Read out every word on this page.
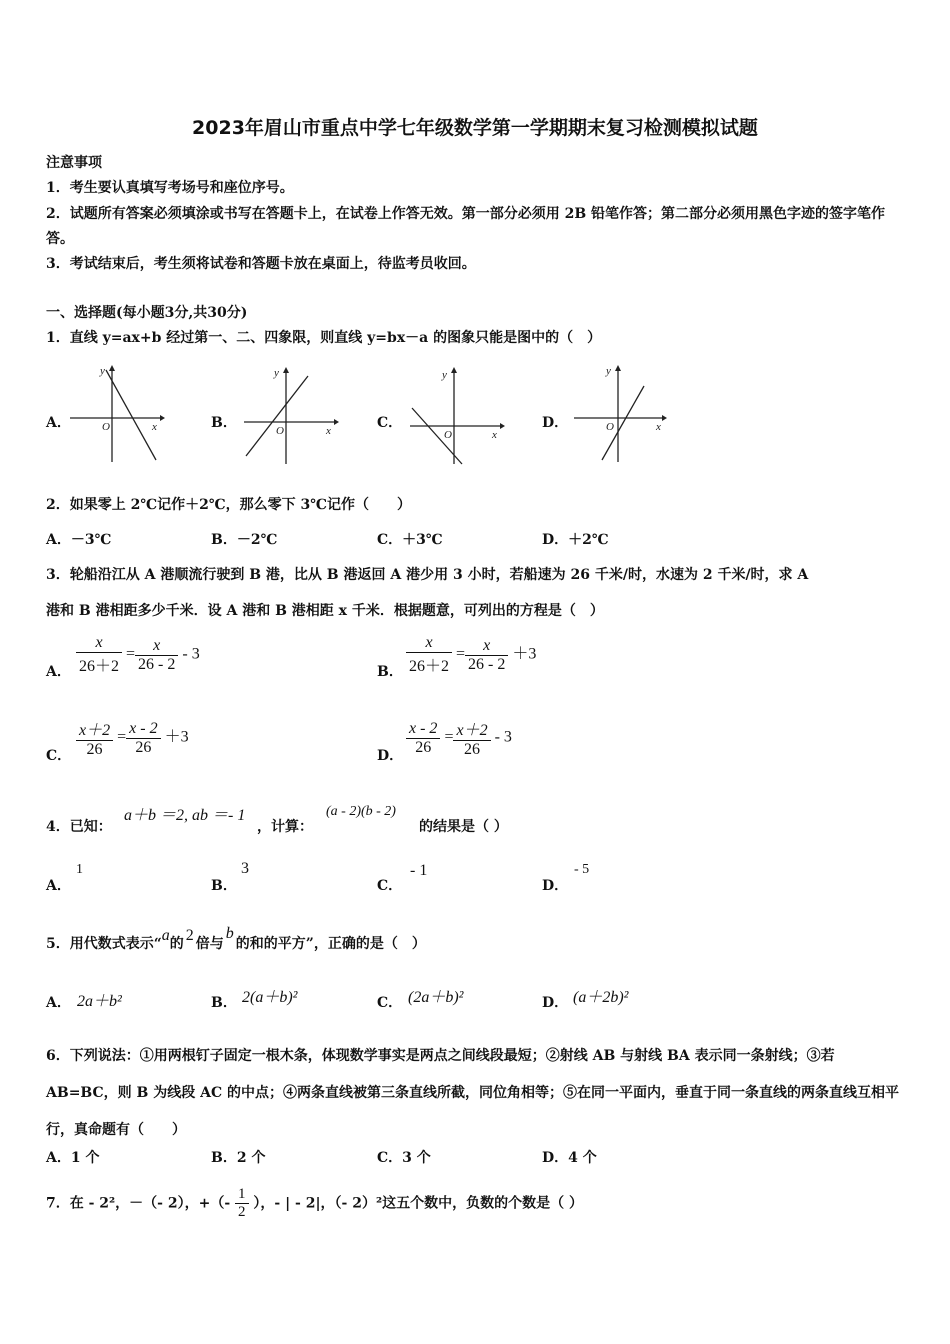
2023年眉山市重点中学七年级数学第一学期期末复习检测模拟试题
注意事项
1．考生要认真填写考场号和座位序号。
2．试题所有答案必须填涂或书写在答题卡上，在试卷上作答无效。第一部分必须用 2B 铅笔作答；第二部分必须用黑色字迹的签字笔作答。
3．考试结束后，考生须将试卷和答题卡放在桌面上，待监考员收回。
一、选择题(每小题3分,共30分)
1．直线 y=ax+b 经过第一、二、四象限，则直线 y=bx－a 的图象只能是图中的（　）
A．
y
x
O	B．
y
x
O	C．
y
x
O
D．
y
x
O
2．如果零上 2℃记作＋2℃，那么零下 3℃记作（　　）
A．－3℃	B．－2℃	C．＋3℃	D．＋2℃
3．轮船沿江从 A 港顺流行驶到 B 港，比从 B 港返回 A 港少用 3 小时，若船速为 26 千米/时，水速为 2 千米/时，求 A
港和 B 港相距多少千米．设 A 港和 B 港相距 x 千米．根据题意，可列出的方程是（　）
A． $\frac{x}{26+2} = \frac{x}{26 - 2} - 3$
B． $\frac{x}{26+2} = \frac{x}{26 - 2} +3$
C． $\frac{x+2}{26} = \frac{x - 2}{26} +3$
D． $\frac{x - 2}{26} = \frac{x+2}{26} - 3$
4．已知：
a＋b ＝2, ab ＝- 1
，计算：
(a - 2)(b - 2)
的结果是（ ）
A．
1
B．
3
C．
- 1
D．
- 5
5．用代数式表示“a的 2 倍与b的和的平方”，正确的是（　）
A． 2a＋b²	B． 2(a＋b)²	C． (2a＋b)²	D． (a＋2b)²
6．下列说法：①用两根钉子固定一根木条，体现数学事实是两点之间线段最短；②射线 AB 与射线 BA 表示同一条射线；③若 AB=BC，则 B 为线段 AC 的中点；④两条直线被第三条直线所截，同位角相等；⑤在同一平面内，垂直于同一条直线的两条直线互相平行，真命题有（　　）
A．1 个	B．2 个	C．3 个	D．4 个
7．在 - 2²，－（- 2），+（- $\frac{1}{2}$ ），- | - 2|，（- 2）²这五个数中，负数的个数是（ ）
